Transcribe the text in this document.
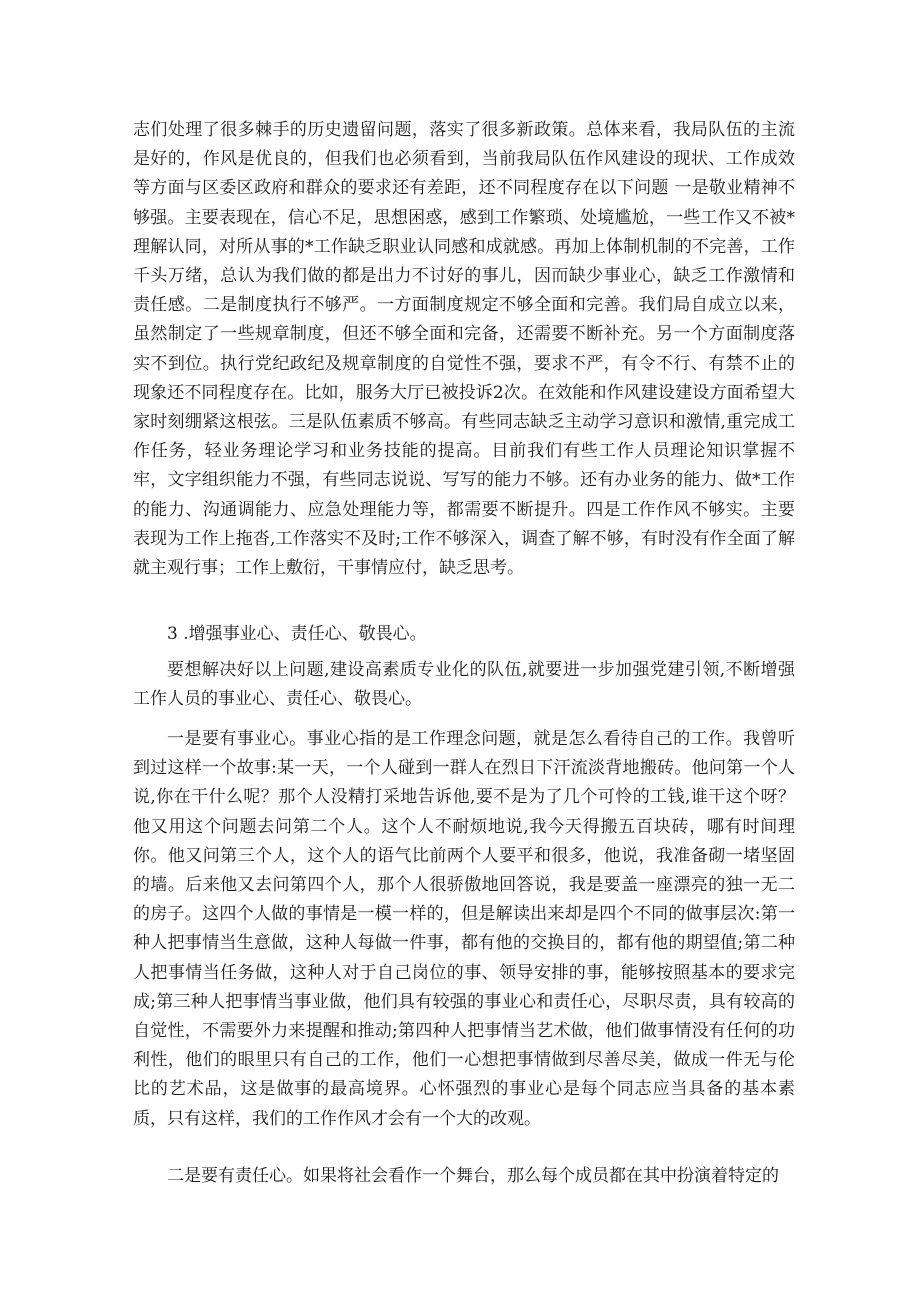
志们处理了很多棘手的历史遗留问题，落实了很多新政策。总体来看，我局队伍的主流是好的，作风是优良的，但我们也必须看到，当前我局队伍作风建设的现状、工作成效等方面与区委区政府和群众的要求还有差距，还不同程度存在以下问题 一是敬业精神不够强。主要表现在，信心不足，思想困惑，感到工作繁琐、处境尴尬，一些工作又不被*理解认同，对所从事的*工作缺乏职业认同感和成就感。再加上体制机制的不完善，工作千头万绪，总认为我们做的都是出力不讨好的事儿，因而缺少事业心，缺乏工作激情和责任感。二是制度执行不够严。一方面制度规定不够全面和完善。我们局自成立以来，虽然制定了一些规章制度，但还不够全面和完备，还需要不断补充。另一个方面制度落实不到位。执行党纪政纪及规章制度的自觉性不强，要求不严，有令不行、有禁不止的现象还不同程度存在。比如，服务大厅已被投诉2次。在效能和作风建设建设方面希望大家时刻绷紧这根弦。三是队伍素质不够高。有些同志缺乏主动学习意识和激情,重完成工作任务，轻业务理论学习和业务技能的提高。目前我们有些工作人员理论知识掌握不牢，文字组织能力不强，有些同志说说、写写的能力不够。还有办业务的能力、做*工作的能力、沟通调能力、应急处理能力等，都需要不断提升。四是工作作风不够实。主要表现为工作上拖沓,工作落实不及时;工作不够深入，调查了解不够，有时没有作全面了解就主观行事；工作上敷衍，干事情应付，缺乏思考。

3 .增强事业心、责任心、敬畏心。

要想解决好以上问题,建设高素质专业化的队伍,就要进一步加强党建引领,不断增强工作人员的事业心、责任心、敬畏心。

一是要有事业心。事业心指的是工作理念问题，就是怎么看待自己的工作。我曾听到过这样一个故事:某一天，一个人碰到一群人在烈日下汗流淡背地搬砖。他问第一个人说,你在干什么呢？那个人没精打采地告诉他,要不是为了几个可怜的工钱,谁干这个呀？他又用这个问题去问第二个人。这个人不耐烦地说,我今天得搬五百块砖，哪有时间理你。他又问第三个人，这个人的语气比前两个人要平和很多，他说，我准备砌一堵坚固的墙。后来他又去问第四个人，那个人很骄傲地回答说，我是要盖一座漂亮的独一无二的房子。这四个人做的事情是一模一样的，但是解读出来却是四个不同的做事层次:第一种人把事情当生意做，这种人每做一件事，都有他的交换目的，都有他的期望值;第二种人把事情当任务做，这种人对于自己岗位的事、领导安排的事，能够按照基本的要求完成;第三种人把事情当事业做，他们具有较强的事业心和责任心，尽职尽责，具有较高的自觉性，不需要外力来提醒和推动;第四种人把事情当艺术做，他们做事情没有任何的功利性，他们的眼里只有自己的工作，他们一心想把事情做到尽善尽美，做成一件无与伦比的艺术品，这是做事的最高境界。心怀强烈的事业心是每个同志应当具备的基本素质，只有这样，我们的工作作风才会有一个大的改观。

二是要有责任心。如果将社会看作一个舞台，那么每个成员都在其中扮演着特定的
